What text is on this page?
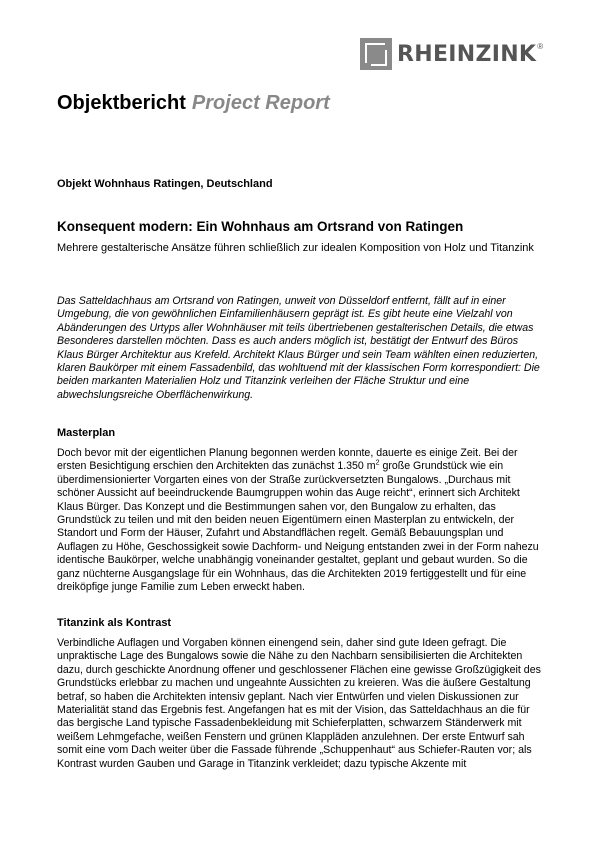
RHEINZINK ®
Objektbericht Project Report
Objekt Wohnhaus Ratingen, Deutschland
Konsequent modern: Ein Wohnhaus am Ortsrand von Ratingen
Mehrere gestalterische Ansätze führen schließlich zur idealen Komposition von Holz und Titanzink
Das Satteldachhaus am Ortsrand von Ratingen, unweit von Düsseldorf entfernt, fällt auf in einer Umgebung, die von gewöhnlichen Einfamilienhäusern geprägt ist. Es gibt heute eine Vielzahl von Abänderungen des Urtyps aller Wohnhäuser mit teils übertriebenen gestalterischen Details, die etwas Besonderes darstellen möchten. Dass es auch anders möglich ist, bestätigt der Entwurf des Büros Klaus Bürger Architektur aus Krefeld. Architekt Klaus Bürger und sein Team wählten einen reduzierten, klaren Baukörper mit einem Fassadenbild, das wohltuend mit der klassischen Form korrespondiert: Die beiden markanten Materialien Holz und Titanzink verleihen der Fläche Struktur und eine abwechslungsreiche Oberflächenwirkung.
Masterplan
Doch bevor mit der eigentlichen Planung begonnen werden konnte, dauerte es einige Zeit. Bei der ersten Besichtigung erschien den Architekten das zunächst 1.350 $m^2$ große Grundstück wie ein überdimensionierter Vorgarten eines von der Straße zurückversetzten Bungalows. „Durchaus mit schöner Aussicht auf beeindruckende Baumgruppen wohin das Auge reicht“, erinnert sich Architekt Klaus Bürger. Das Konzept und die Bestimmungen sahen vor, den Bungalow zu erhalten, das Grundstück zu teilen und mit den beiden neuen Eigentümern einen Masterplan zu entwickeln, der Standort und Form der Häuser, Zufahrt und Abstandflächen regelt. Gemäß Bebauungsplan und Auflagen zu Höhe, Geschossigkeit sowie Dachform- und Neigung entstanden zwei in der Form nahezu identische Baukörper, welche unabhängig voneinander gestaltet, geplant und gebaut wurden. So die ganz nüchterne Ausgangslage für ein Wohnhaus, das die Architekten 2019 fertiggestellt und für eine dreiköpfige junge Familie zum Leben erweckt haben.
Titanzink als Kontrast
Verbindliche Auflagen und Vorgaben können einengend sein, daher sind gute Ideen gefragt. Die unpraktische Lage des Bungalows sowie die Nähe zu den Nachbarn sensibilisierten die Architekten dazu, durch geschickte Anordnung offener und geschlossener Flächen eine gewisse Großzügigkeit des Grundstücks erlebbar zu machen und ungeahnte Aussichten zu kreieren. Was die äußere Gestaltung betraf, so haben die Architekten intensiv geplant. Nach vier Entwürfen und vielen Diskussionen zur Materialität stand das Ergebnis fest. Angefangen hat es mit der Vision, das Satteldachhaus an die für das bergische Land typische Fassadenbekleidung mit Schieferplatten, schwarzem Ständerwerk mit weißem Lehmgefache, weißen Fenstern und grünen Klappläden anzulehnen. Der erste Entwurf sah somit eine vom Dach weiter über die Fassade führende „Schuppenhaut“ aus Schiefer-Rauten vor; als Kontrast wurden Gauben und Garage in Titanzink verkleidet; dazu typische Akzente mit
